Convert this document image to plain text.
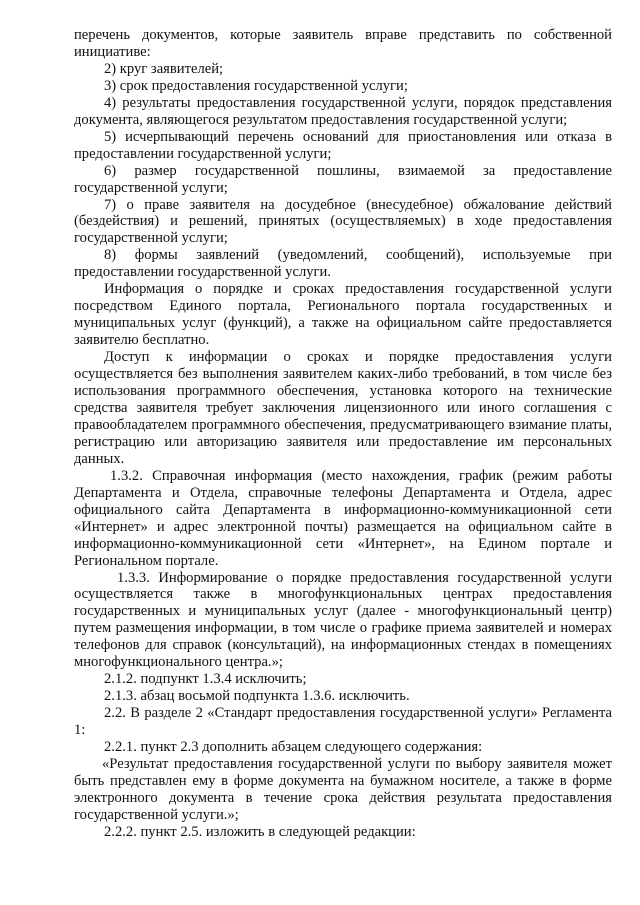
перечень документов, которые заявитель вправе представить по собственной инициативе:

2) круг заявителей;

3) срок предоставления государственной услуги;

4) результаты предоставления государственной услуги, порядок представления документа, являющегося результатом предоставления государственной услуги;

5) исчерпывающий перечень оснований для приостановления или отказа в предоставлении государственной услуги;

6) размер государственной пошлины, взимаемой за предоставление государственной услуги;

7) о праве заявителя на досудебное (внесудебное) обжалование действий (бездействия) и решений, принятых (осуществляемых) в ходе предоставления государственной услуги;

8) формы заявлений (уведомлений, сообщений), используемые при предоставлении государственной услуги.

Информация о порядке и сроках предоставления государственной услуги посредством Единого портала, Регионального портала государственных и муниципальных услуг (функций), а также на официальном сайте предоставляется заявителю бесплатно.

Доступ к информации о сроках и порядке предоставления услуги осуществляется без выполнения заявителем каких-либо требований, в том числе без использования программного обеспечения, установка которого на технические средства заявителя требует заключения лицензионного или иного соглашения с правообладателем программного обеспечения, предусматривающего взимание платы, регистрацию или авторизацию заявителя или предоставление им персональных данных.

1.3.2. Справочная информация (место нахождения, график (режим работы Департамента и Отдела, справочные телефоны Департамента и Отдела, адрес официального сайта Департамента в информационно-коммуникационной сети «Интернет» и адрес электронной почты) размещается на официальном сайте в информационно-коммуникационной сети «Интернет», на Едином портале и Региональном портале.

1.3.3. Информирование о порядке предоставления государственной услуги осуществляется также в многофункциональных центрах предоставления государственных и муниципальных услуг (далее - многофункциональный центр) путем размещения информации, в том числе о графике приема заявителей и номерах телефонов для справок (консультаций), на информационных стендах в помещениях многофункционального центра.»;

2.1.2. подпункт 1.3.4 исключить;

2.1.3. абзац восьмой подпункта 1.3.6. исключить.

2.2. В разделе 2 «Стандарт предоставления государственной услуги» Регламента 1:

2.2.1. пункт 2.3 дополнить абзацем следующего содержания:

«Результат предоставления государственной услуги по выбору заявителя может быть представлен ему в форме документа на бумажном носителе, а также в форме электронного документа в течение срока действия результата предоставления государственной услуги.»;

2.2.2. пункт 2.5. изложить в следующей редакции:
